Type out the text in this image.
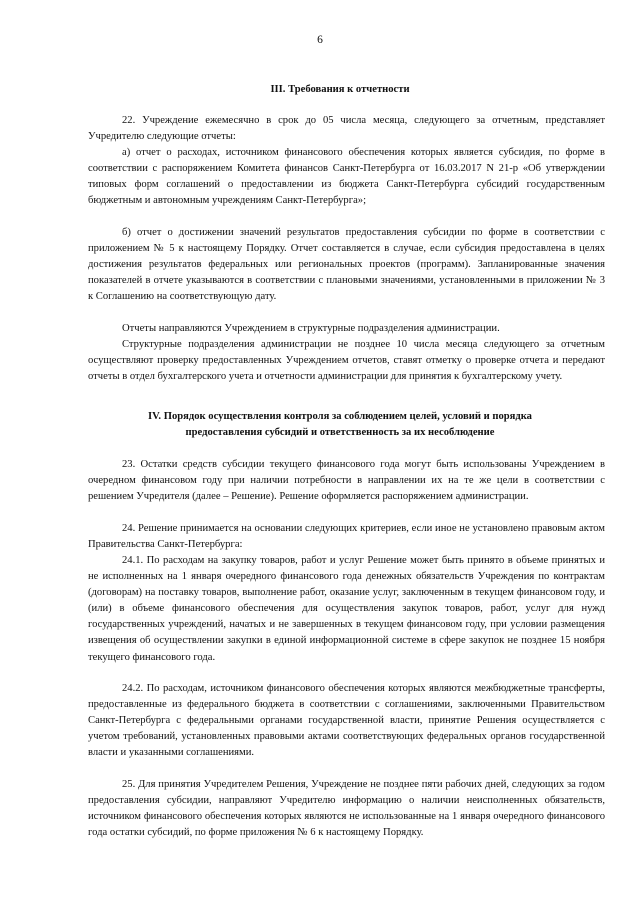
6
III. Требования к отчетности

22. Учреждение ежемесячно в срок до 05 числа месяца, следующего за отчетным, представляет Учредителю следующие отчеты:

а) отчет о расходах, источником финансового обеспечения которых является субсидия, по форме в соответствии с распоряжением Комитета финансов Санкт-Петербурга от 16.03.2017 N 21-р «Об утверждении типовых форм соглашений о предоставлении из бюджета Санкт-Петербурга субсидий государственным бюджетным и автономным учреждениям Санкт-Петербурга»;

б) отчет о достижении значений результатов предоставления субсидии по форме в соответствии с приложением № 5 к настоящему Порядку. Отчет составляется в случае, если субсидия предоставлена в целях достижения результатов федеральных или региональных проектов (программ). Запланированные значения показателей в отчете указываются в соответствии с плановыми значениями, установленными в приложении № 3 к Соглашению на соответствующую дату.

Отчеты направляются Учреждением в структурные подразделения администрации.

Структурные подразделения администрации не позднее 10 числа месяца следующего за отчетным осуществляют проверку предоставленных Учреждением отчетов, ставят отметку о проверке отчета и передают отчеты в отдел бухгалтерского учета и отчетности администрации для принятия к бухгалтерскому учету.

IV. Порядок осуществления контроля за соблюдением целей, условий и порядка
предоставления субсидий и ответственность за их несоблюдение

23. Остатки средств субсидии текущего финансового года могут быть использованы Учреждением в очередном финансовом году при наличии потребности в направлении их на те же цели в соответствии с решением Учредителя (далее – Решение). Решение оформляется распоряжением администрации.

24. Решение принимается на основании следующих критериев, если иное не установлено правовым актом Правительства Санкт-Петербурга:

24.1. По расходам на закупку товаров, работ и услуг Решение может быть принято в объеме принятых и не исполненных на 1 января очередного финансового года денежных обязательств Учреждения по контрактам (договорам) на поставку товаров, выполнение работ, оказание услуг, заключенным в текущем финансовом году, и (или) в объеме финансового обеспечения для осуществления закупок товаров, работ, услуг для нужд государственных учреждений, начатых и не завершенных в текущем финансовом году, при условии размещения извещения об осуществлении закупки в единой информационной системе в сфере закупок не позднее 15 ноября текущего финансового года.

24.2. По расходам, источником финансового обеспечения которых являются межбюджетные трансферты, предоставленные из федерального бюджета в соответствии с соглашениями, заключенными Правительством Санкт-Петербурга с федеральными органами государственной власти, принятие Решения осуществляется с учетом требований, установленных правовыми актами соответствующих федеральных органов государственной власти и указанными соглашениями.

25. Для принятия Учредителем Решения, Учреждение не позднее пяти рабочих дней, следующих за годом предоставления субсидии, направляют Учредителю информацию о наличии неисполненных обязательств, источником финансового обеспечения которых являются не использованные на 1 января очередного финансового года остатки субсидий, по форме приложения № 6 к настоящему Порядку.
